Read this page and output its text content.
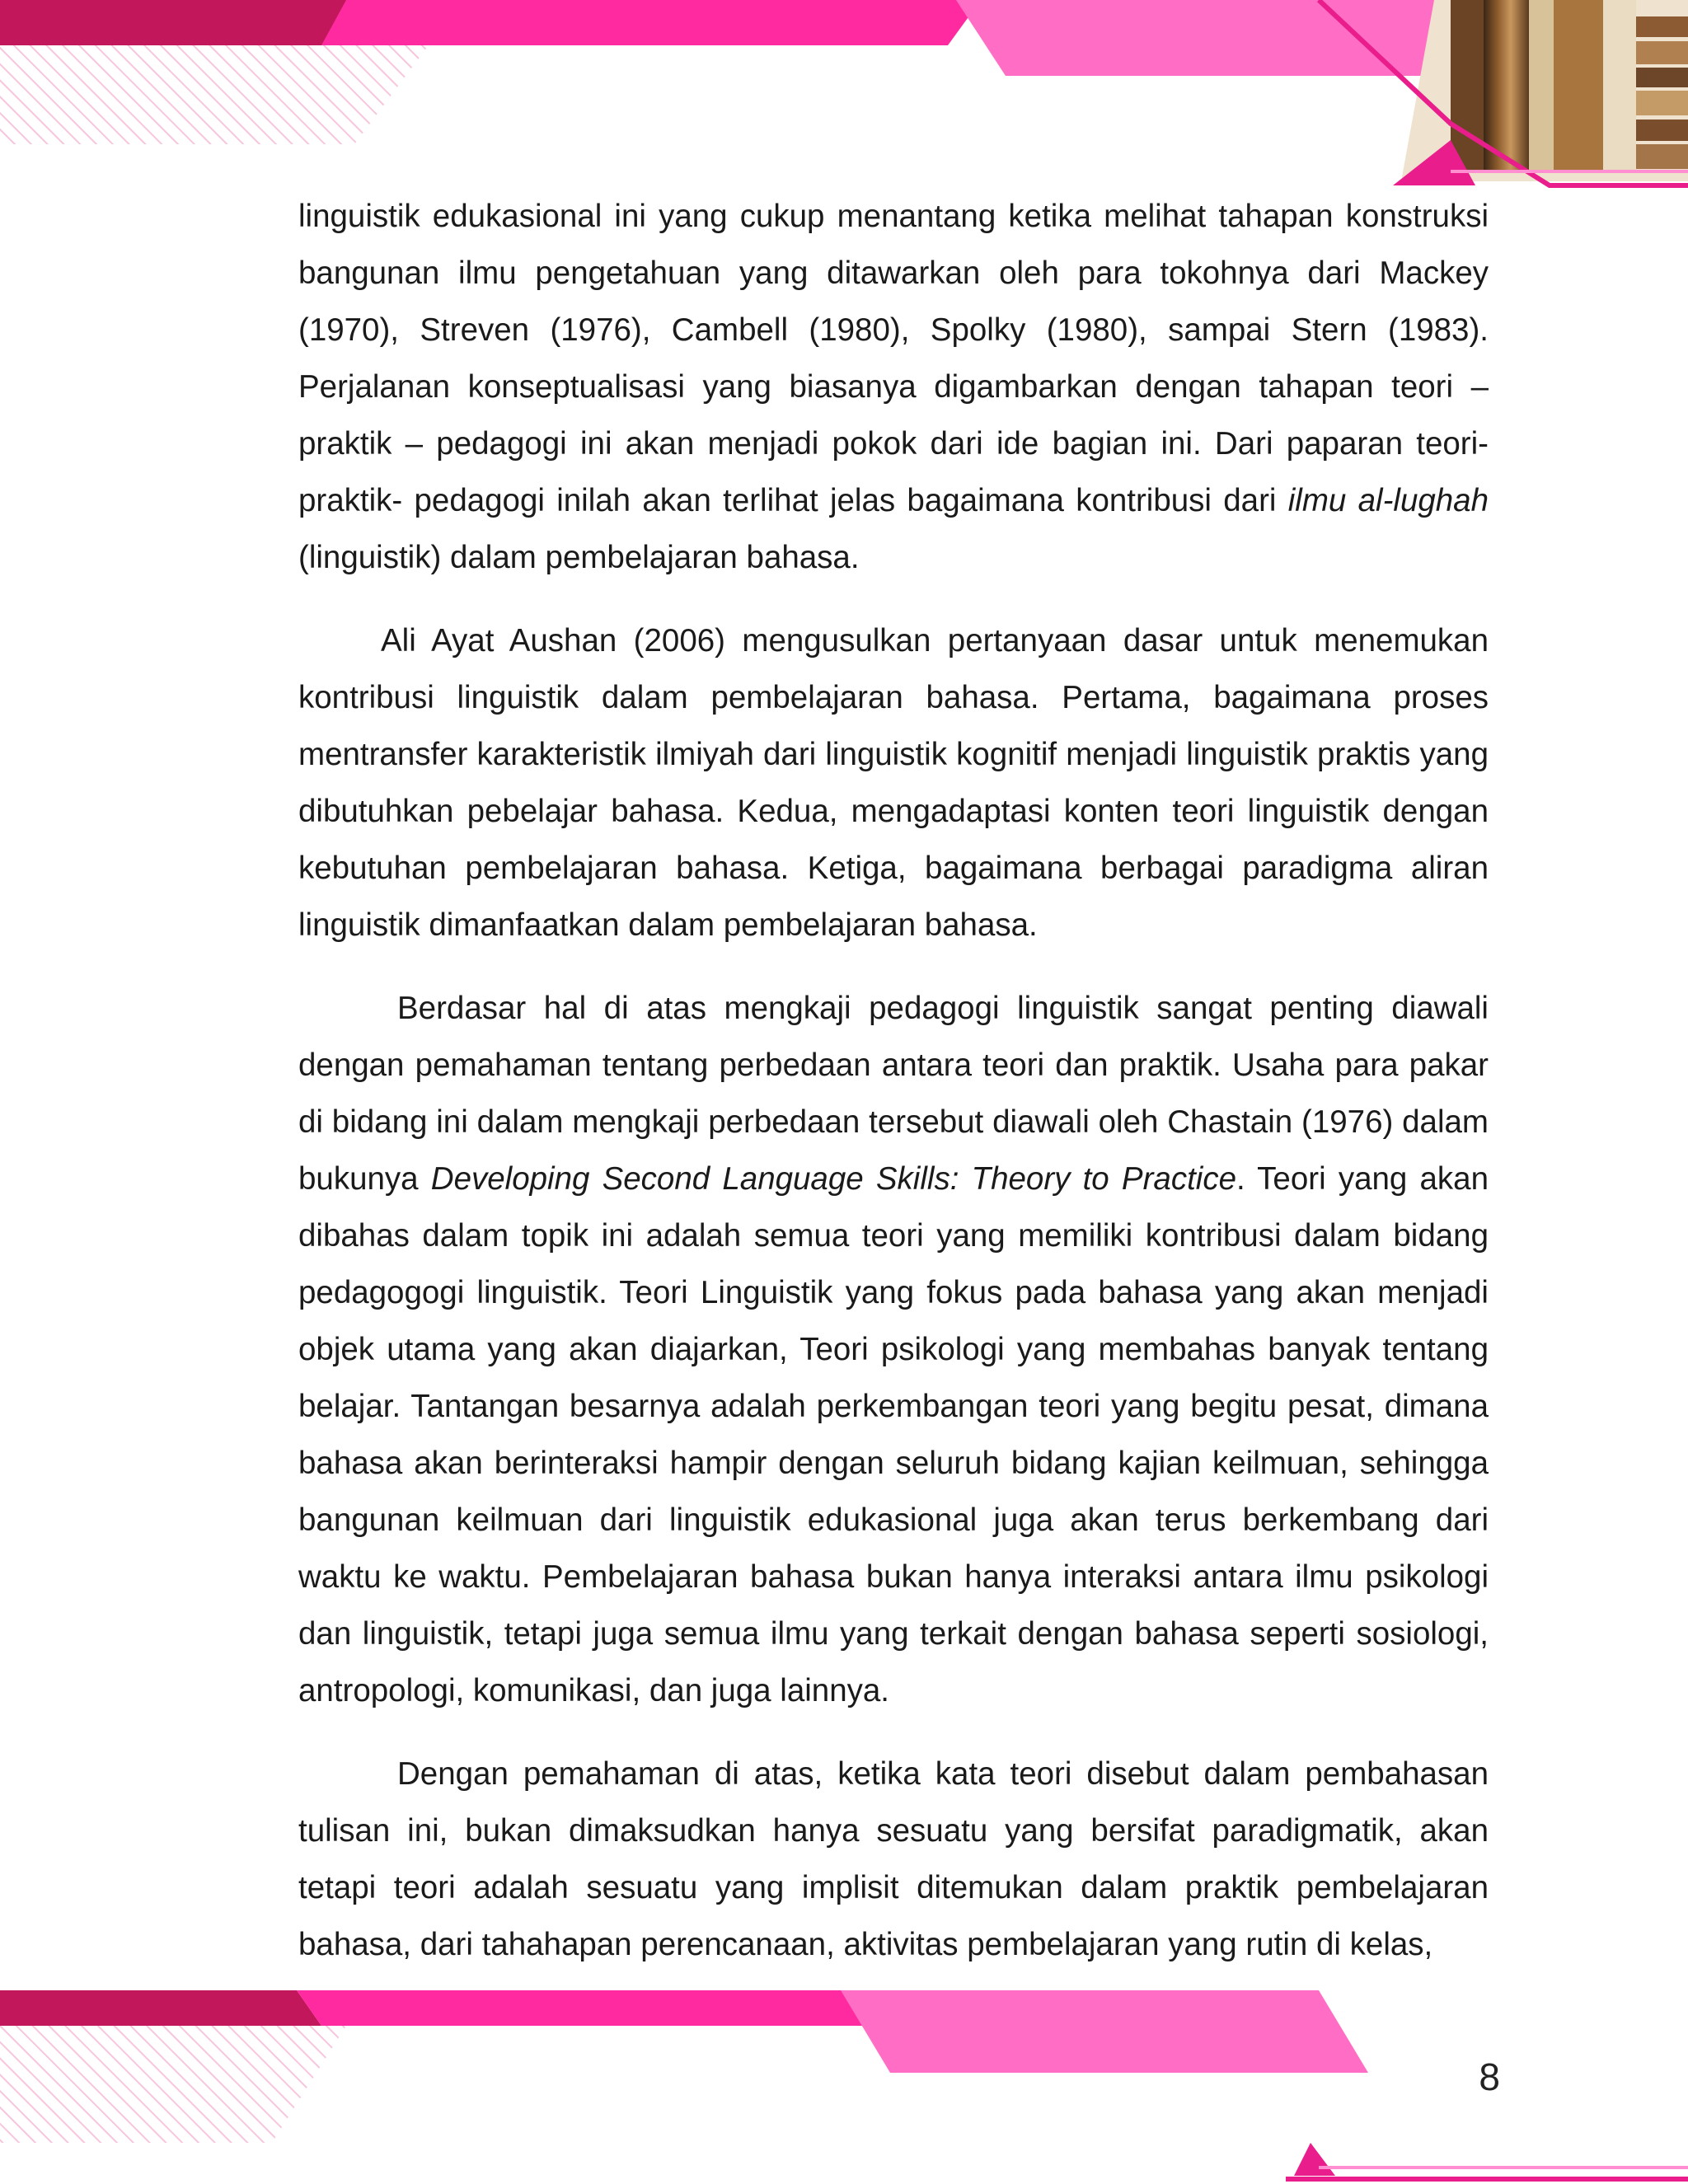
linguistik edukasional ini yang cukup menantang ketika melihat tahapan konstruksi bangunan ilmu pengetahuan yang ditawarkan oleh para tokohnya dari Mackey (1970), Streven (1976), Cambell (1980), Spolky (1980), sampai Stern (1983). Perjalanan konseptualisasi yang biasanya digambarkan dengan tahapan teori – praktik – pedagogi ini akan menjadi pokok dari ide bagian ini. Dari paparan teori-praktik- pedagogi inilah akan terlihat jelas bagaimana kontribusi dari ilmu al-lughah (linguistik) dalam pembelajaran bahasa.

Ali Ayat Aushan (2006) mengusulkan pertanyaan dasar untuk menemukan kontribusi linguistik dalam pembelajaran bahasa. Pertama, bagaimana proses mentransfer karakteristik ilmiyah dari linguistik kognitif menjadi linguistik praktis yang dibutuhkan pebelajar bahasa. Kedua, mengadaptasi konten teori linguistik dengan kebutuhan pembelajaran bahasa. Ketiga, bagaimana berbagai paradigma aliran linguistik dimanfaatkan dalam pembelajaran bahasa.

Berdasar hal di atas mengkaji pedagogi linguistik sangat penting diawali dengan pemahaman tentang perbedaan antara teori dan praktik. Usaha para pakar di bidang ini dalam mengkaji perbedaan tersebut diawali oleh Chastain (1976) dalam bukunya Developing Second Language Skills: Theory to Practice. Teori yang akan dibahas dalam topik ini adalah semua teori yang memiliki kontribusi dalam bidang pedagogogi linguistik. Teori Linguistik yang fokus pada bahasa yang akan menjadi objek utama yang akan diajarkan, Teori psikologi yang membahas banyak tentang belajar. Tantangan besarnya adalah perkembangan teori yang begitu pesat, dimana bahasa akan berinteraksi hampir dengan seluruh bidang kajian keilmuan, sehingga bangunan keilmuan dari linguistik edukasional juga akan terus berkembang dari waktu ke waktu. Pembelajaran bahasa bukan hanya interaksi antara ilmu psikologi dan linguistik, tetapi juga semua ilmu yang terkait dengan bahasa seperti sosiologi, antropologi, komunikasi, dan juga lainnya.

Dengan pemahaman di atas, ketika kata teori disebut dalam pembahasan tulisan ini, bukan dimaksudkan hanya sesuatu yang bersifat paradigmatik, akan tetapi teori adalah sesuatu yang implisit ditemukan dalam praktik pembelajaran bahasa, dari tahahapan perencanaan, aktivitas pembelajaran yang rutin di kelas,

8
